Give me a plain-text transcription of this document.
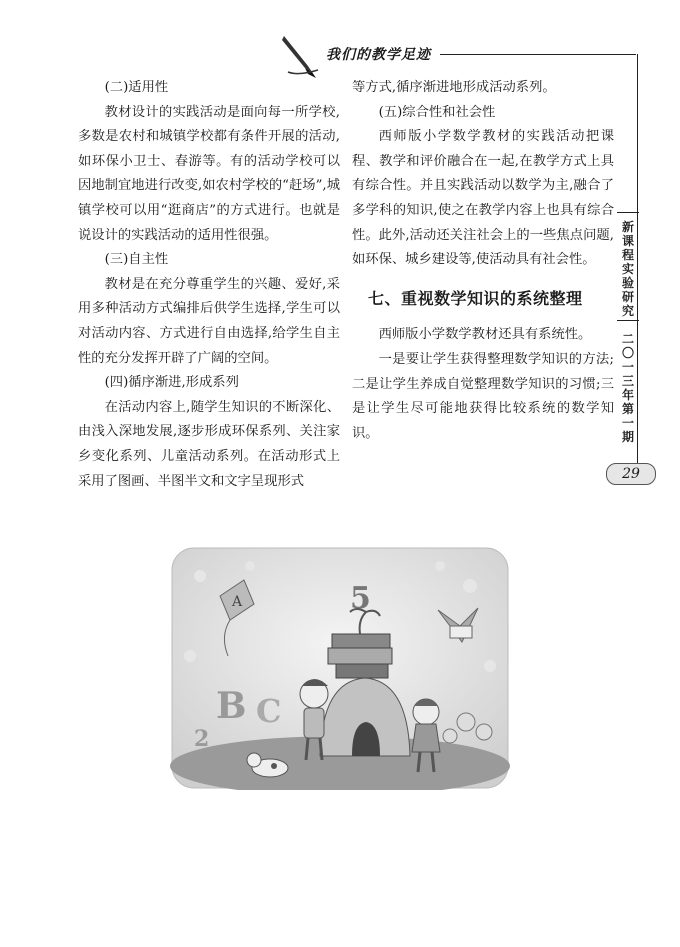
我们的教学足迹
新
课
程
实
验
研
究
二
〇
一
三
年
第
一
期
29

(二)适用性

教材设计的实践活动是面向每一所学校,多数是农村和城镇学校都有条件开展的活动,如环保小卫士、春游等。有的活动学校可以因地制宜地进行改变,如农村学校的“赶场”,城镇学校可以用“逛商店”的方式进行。也就是说设计的实践活动的适用性很强。

(三)自主性

教材是在充分尊重学生的兴趣、爱好,采用多种活动方式编排后供学生选择,学生可以对活动内容、方式进行自由选择,给学生自主性的充分发挥开辟了广阔的空间。

(四)循序渐进,形成系列

在活动内容上,随学生知识的不断深化、由浅入深地发展,逐步形成环保系列、关注家乡变化系列、儿童活动系列。在活动形式上采用了图画、半图半文和文字呈现形式

等方式,循序渐进地形成活动系列。

(五)综合性和社会性

西师版小学数学教材的实践活动把课程、教学和评价融合在一起,在教学方式上具有综合性。并且实践活动以数学为主,融合了多学科的知识,使之在教学内容上也具有综合性。此外,活动还关注社会上的一些焦点问题,如环保、城乡建设等,使活动具有社会性。

七、重视数学知识的系统整理

西师版小学数学教材还具有系统性。

一是要让学生获得整理数学知识的方法;二是让学生养成自觉整理数学知识的习惯;三是让学生尽可能地获得比较系统的数学知识。

A	5
B C
2
